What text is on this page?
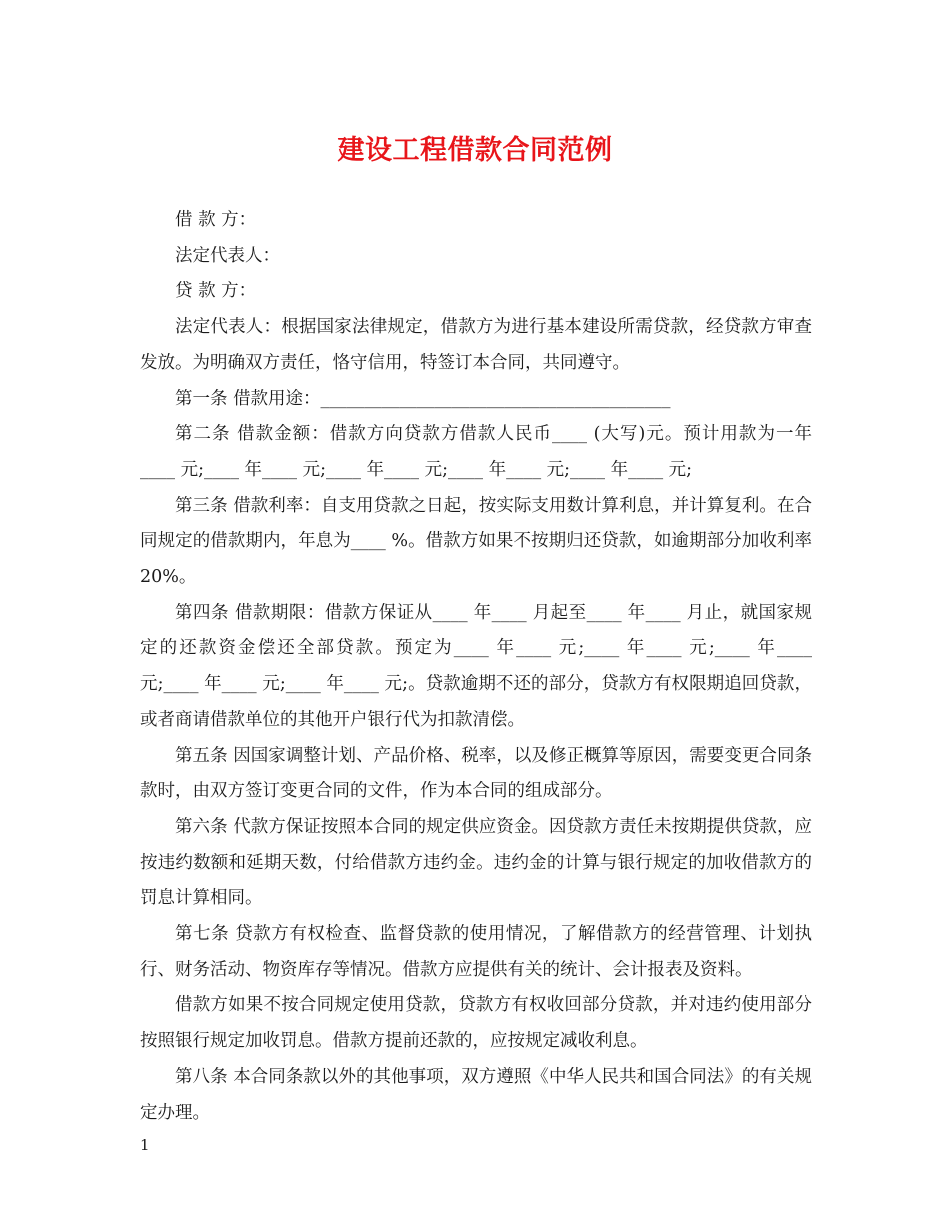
建设工程借款合同范例

借 款 方：

法定代表人：

贷 款 方：

法定代表人：根据国家法律规定，借款方为进行基本建设所需贷款，经贷款方审查发放。为明确双方责任，恪守信用，特签订本合同，共同遵守。

第一条 借款用途：________________________________________

第二条 借款金额：借款方向贷款方借款人民币____ (大写)元。预计用款为一年____ 元;____ 年____ 元;____ 年____ 元;____ 年____ 元;____ 年____ 元;

第三条 借款利率：自支用贷款之日起，按实际支用数计算利息，并计算复利。在合同规定的借款期内，年息为____ %。借款方如果不按期归还贷款，如逾期部分加收利率20%。

第四条 借款期限：借款方保证从____ 年____ 月起至____ 年____ 月止，就国家规定的还款资金偿还全部贷款。预定为____ 年____ 元;____ 年____ 元;____ 年____ 元;____ 年____ 元;____ 年____ 元;。贷款逾期不还的部分，贷款方有权限期追回贷款，或者商请借款单位的其他开户银行代为扣款清偿。

第五条 因国家调整计划、产品价格、税率，以及修正概算等原因，需要变更合同条款时，由双方签订变更合同的文件，作为本合同的组成部分。

第六条 代款方保证按照本合同的规定供应资金。因贷款方责任未按期提供贷款，应按违约数额和延期天数，付给借款方违约金。违约金的计算与银行规定的加收借款方的罚息计算相同。

第七条 贷款方有权检查、监督贷款的使用情况，了解借款方的经营管理、计划执行、财务活动、物资库存等情况。借款方应提供有关的统计、会计报表及资料。

借款方如果不按合同规定使用贷款，贷款方有权收回部分贷款，并对违约使用部分按照银行规定加收罚息。借款方提前还款的，应按规定减收利息。

第八条 本合同条款以外的其他事项，双方遵照《中华人民共和国合同法》的有关规定办理。

1
